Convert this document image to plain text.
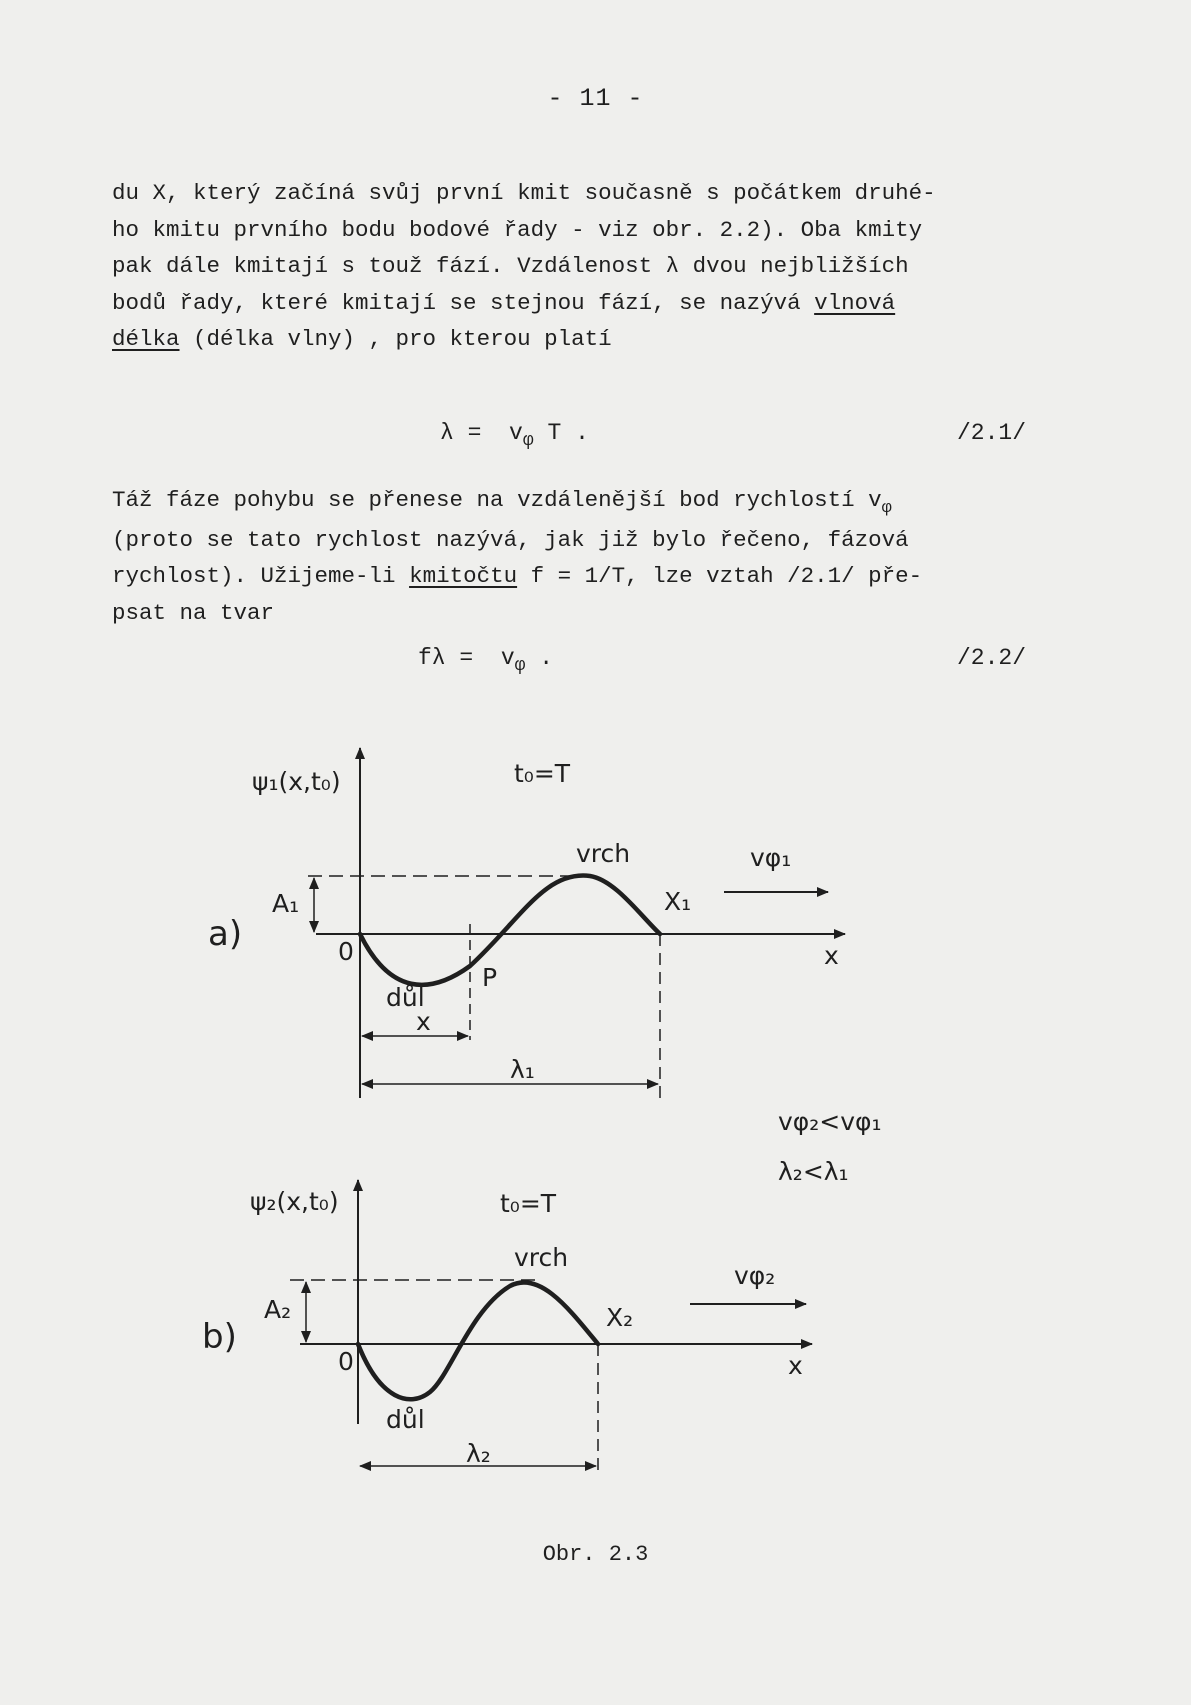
- 11 -
du X, který začíná svůj první kmit současně s počátkem druhé-
ho kmitu prvního bodu bodové řady - viz obr. 2.2). Oba kmity
pak dále kmitají s touž fází. Vzdálenost λ dvou nejbližších
bodů řady, které kmitají se stejnou fází, se nazývá vlnová
délka (délka vlny) , pro kterou platí
$\lambda = v_\varphi$ T .	/2.1/
Táž fáze pohybu se přenese na vzdálenější bod rychlostí $v_\varphi$
(proto se tato rychlost nazývá, jak již bylo řečeno, fázová
rychlost). Užijeme-li kmitočtu f = 1/T, lze vztah /2.1/ pře-
psat na tvar
$f\lambda = v_\varphi$ .	/2.2/
a)
ψ₁(x,t₀)	t₀=T
vrch
důl
A₁
0
X₁
x
P
x
λ₁
vφ₁
vφ₂<vφ₁
λ₂<λ₁
b)
ψ₂(x,t₀)	t₀=T
vrch
důl
A₂
0
X₂
x
λ₂
vφ₂
Obr. 2.3
